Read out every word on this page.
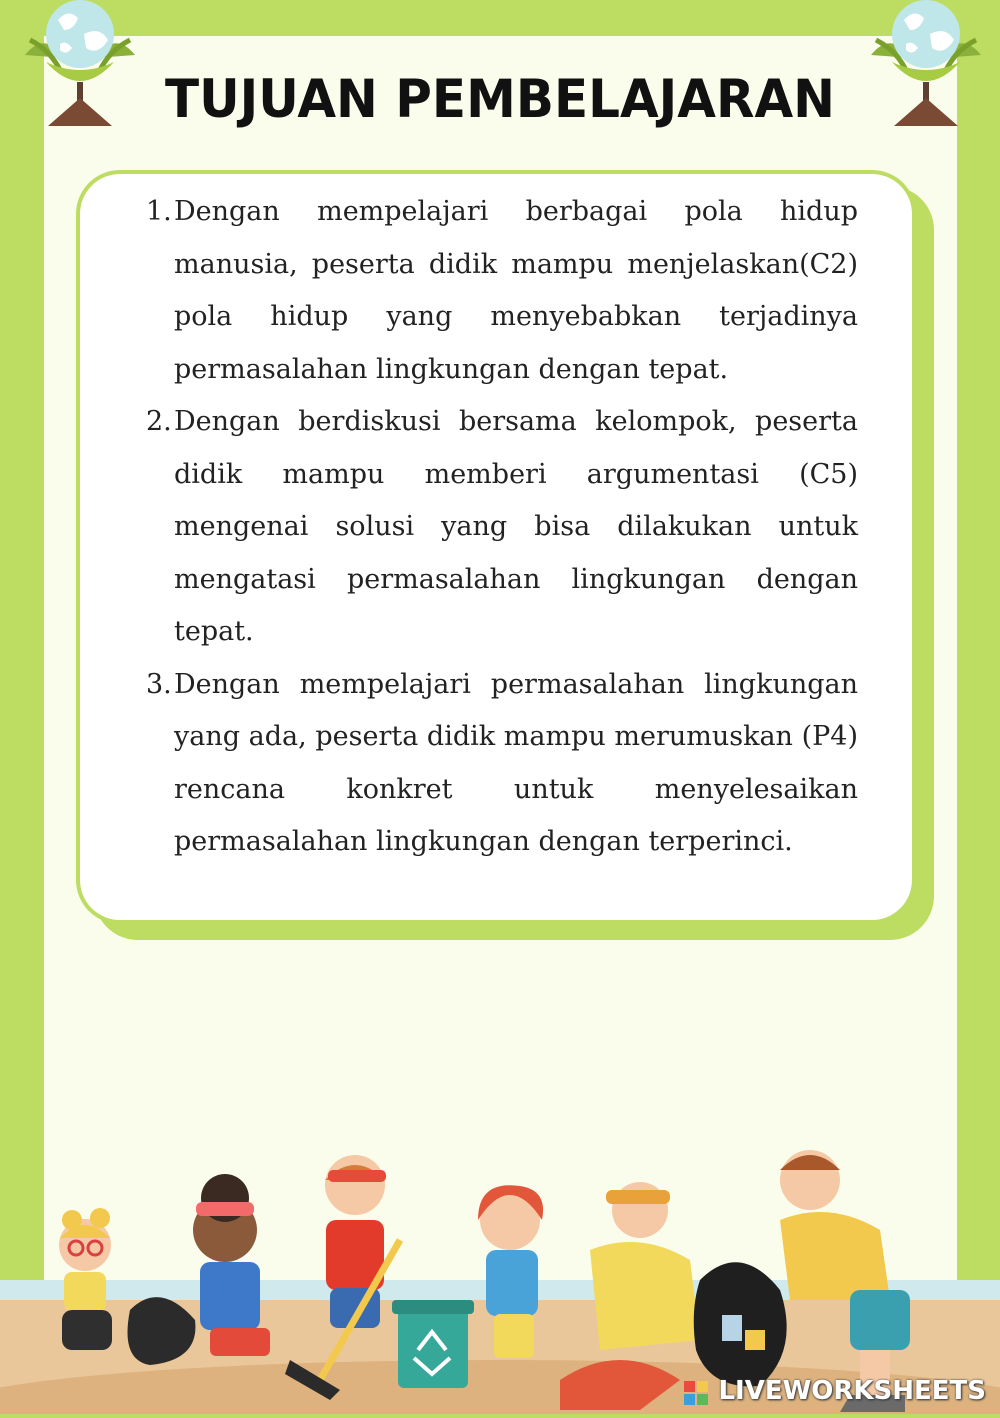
TUJUAN PEMBELAJARAN
1. Dengan mempelajari berbagai pola hidup manusia, peserta didik mampu menjelaskan(C2) pola hidup yang menyebabkan terjadinya permasalahan lingkungan dengan tepat.
2. Dengan berdiskusi bersama kelompok, peserta didik mampu memberi argumentasi (C5) mengenai solusi yang bisa dilakukan untuk mengatasi permasalahan lingkungan dengan tepat.
3. Dengan mempelajari permasalahan lingkungan yang ada, peserta didik mampu merumuskan (P4) rencana konkret untuk menyelesaikan permasalahan lingkungan dengan terperinci.
LIVEWORKSHEETS
